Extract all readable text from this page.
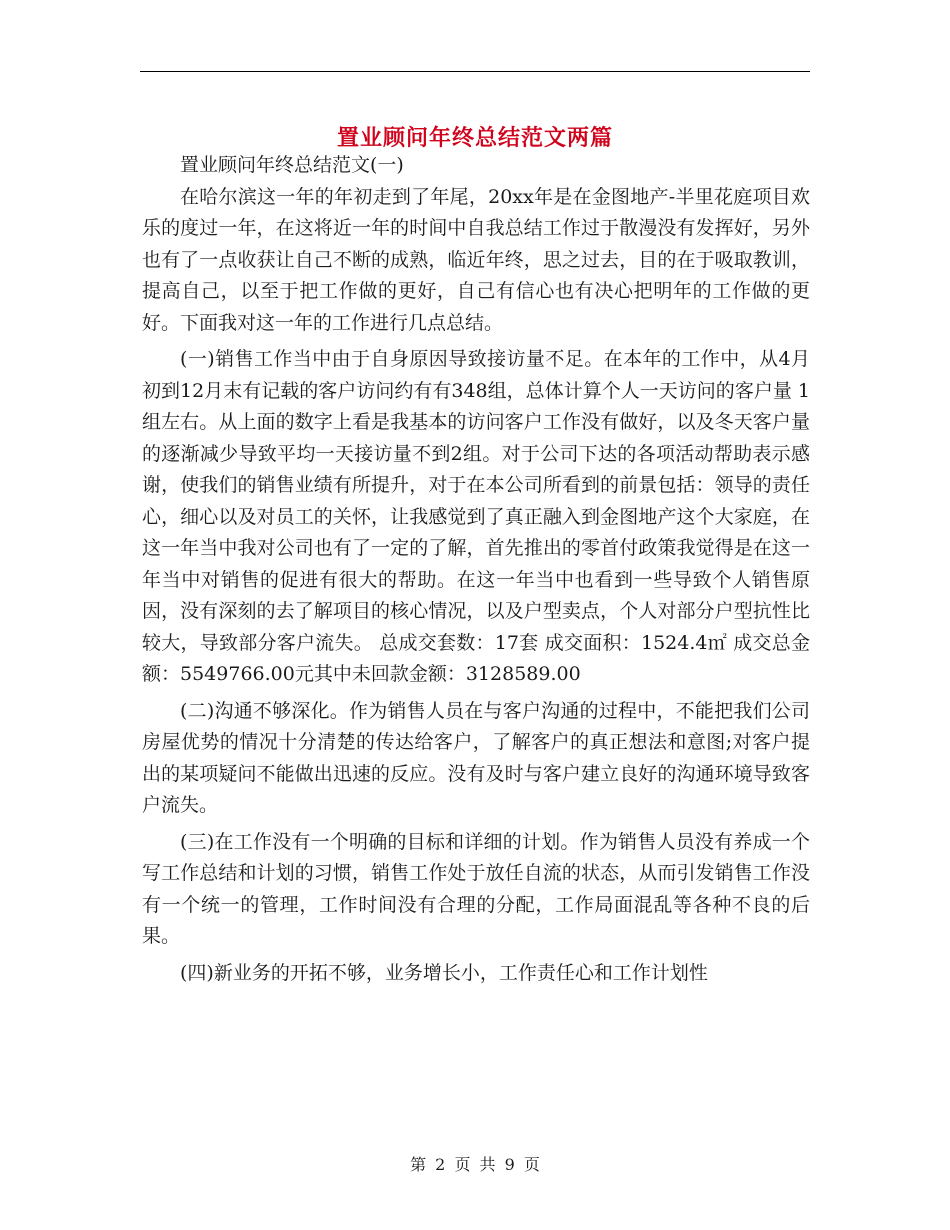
置业顾问年终总结范文两篇

置业顾问年终总结范文(一)

在哈尔滨这一年的年初走到了年尾，20xx年是在金图地产-半里花庭项目欢乐的度过一年，在这将近一年的时间中自我总结工作过于散漫没有发挥好，另外也有了一点收获让自己不断的成熟，临近年终，思之过去，目的在于吸取教训，提高自己，以至于把工作做的更好，自己有信心也有决心把明年的工作做的更好。下面我对这一年的工作进行几点总结。

(一)销售工作当中由于自身原因导致接访量不足。在本年的工作中，从4月初到12月末有记载的客户访问约有有348组，总体计算个人一天访问的客户量 1 组左右。从上面的数字上看是我基本的访问客户工作没有做好，以及冬天客户量的逐渐减少导致平均一天接访量不到2组。对于公司下达的各项活动帮助表示感谢，使我们的销售业绩有所提升，对于在本公司所看到的前景包括：领导的责任心，细心以及对员工的关怀，让我感觉到了真正融入到金图地产这个大家庭，在这一年当中我对公司也有了一定的了解，首先推出的零首付政策我觉得是在这一年当中对销售的促进有很大的帮助。在这一年当中也看到一些导致个人销售原因，没有深刻的去了解项目的核心情况，以及户型卖点，个人对部分户型抗性比较大，导致部分客户流失。 总成交套数：17套 成交面积：1524.4㎡ 成交总金额：5549766.00元其中未回款金额：3128589.00

(二)沟通不够深化。作为销售人员在与客户沟通的过程中，不能把我们公司房屋优势的情况十分清楚的传达给客户，了解客户的真正想法和意图;对客户提出的某项疑问不能做出迅速的反应。没有及时与客户建立良好的沟通环境导致客户流失。

(三)在工作没有一个明确的目标和详细的计划。作为销售人员没有养成一个写工作总结和计划的习惯，销售工作处于放任自流的状态，从而引发销售工作没有一个统一的管理，工作时间没有合理的分配，工作局面混乱等各种不良的后果。

(四)新业务的开拓不够，业务增长小，工作责任心和工作计划性

第 2 页 共 9 页
